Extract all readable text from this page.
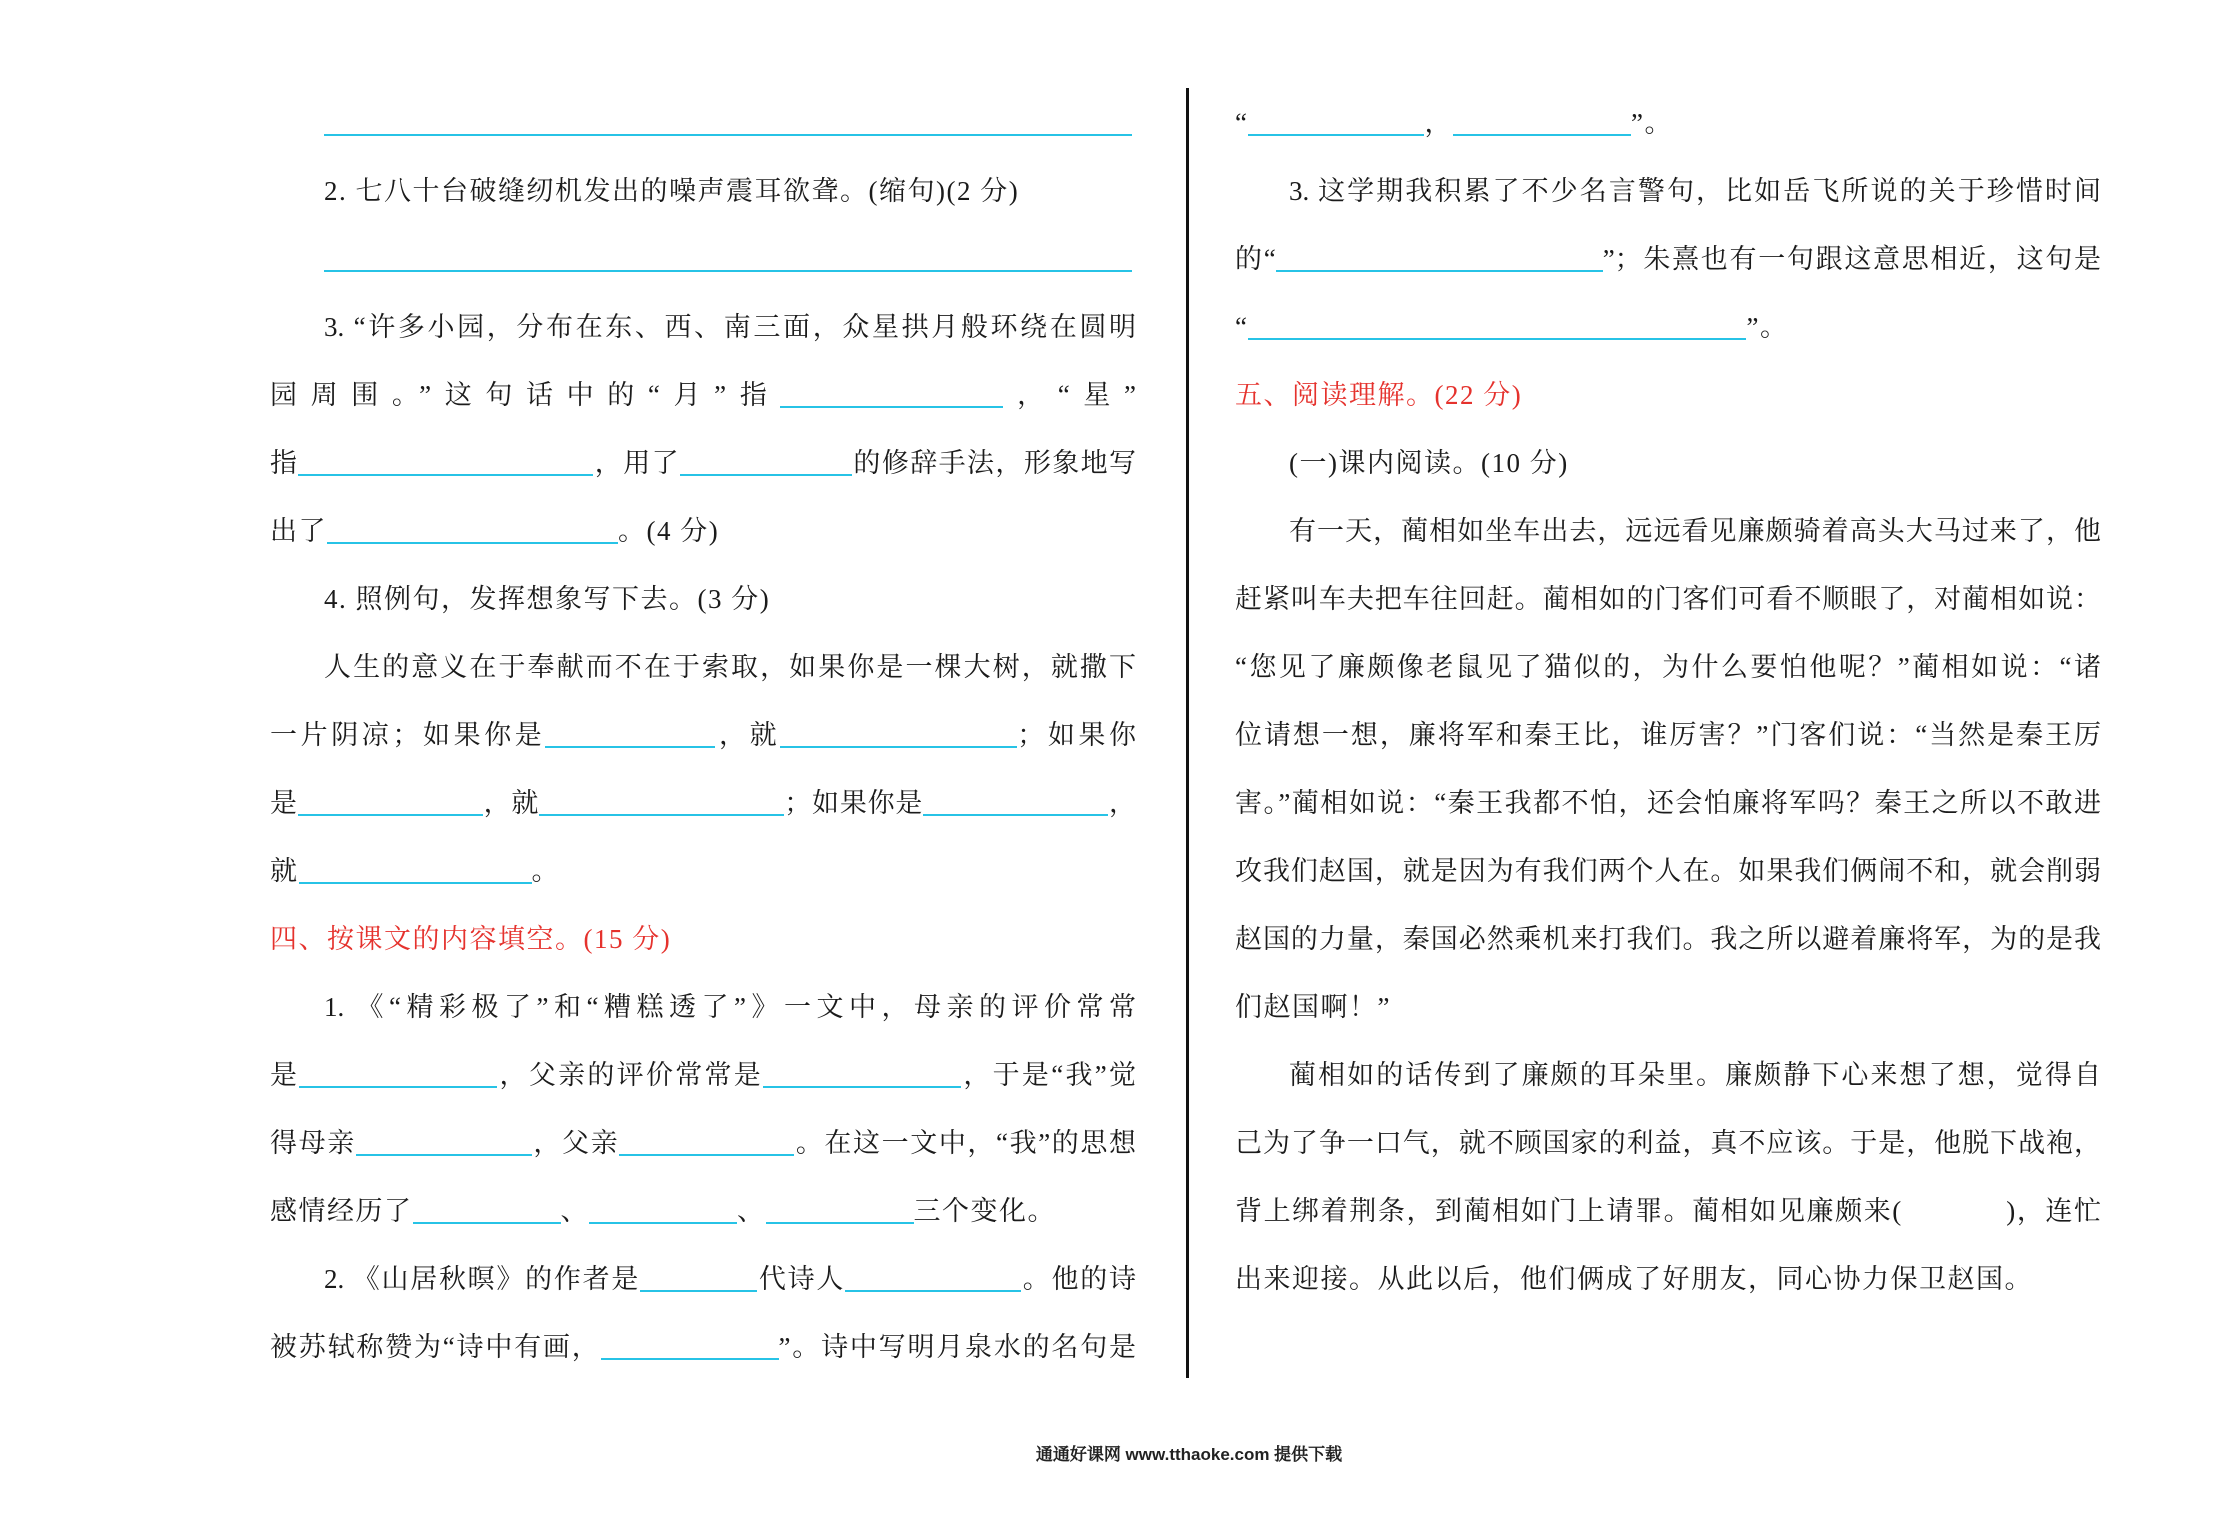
2. 七八十台破缝纫机发出的噪声震耳欲聋。(缩句)(2 分)
3. “许多小园，分布在东、西、南三面，众星拱月般环绕在圆明
园周围。”这句话中的“月”指	，“星”
指	，用了	的修辞手法，形象地写
出了	。(4 分)
4. 照例句，发挥想象写下去。(3 分)
人生的意义在于奉献而不在于索取，如果你是一棵大树，就撒下
一片阴凉；如果你是	，就	；如果你
是	，就	；如果你是	，
就	。
四、按课文的内容填空。(15 分)
1. 《“精彩极了”和“糟糕透了”》一文中，母亲的评价常常
是	，父亲的评价常常是	，于是“我”觉
得母亲	，父亲	。在这一文中，“我”的思想
感情经历了	、	、	三个变化。
2. 《山居秋暝》的作者是	代诗人	。他的诗
被苏轼称赞为“诗中有画，	”。诗中写明月泉水的名句是
“	，	”。
3. 这学期我积累了不少名言警句，比如岳飞所说的关于珍惜时间
的“	”；朱熹也有一句跟这意思相近，这句是
“	”。
五、阅读理解。(22 分)
(一)课内阅读。(10 分)
有一天，蔺相如坐车出去，远远看见廉颇骑着高头大马过来了，他
赶紧叫车夫把车往回赶。蔺相如的门客们可看不顺眼了，对蔺相如说：
“您见了廉颇像老鼠见了猫似的，为什么要怕他呢？”蔺相如说：“诸
位请想一想，廉将军和秦王比，谁厉害？”门客们说：“当然是秦王厉
害。”蔺相如说：“秦王我都不怕，还会怕廉将军吗？秦王之所以不敢进
攻我们赵国，就是因为有我们两个人在。如果我们俩闹不和，就会削弱
赵国的力量，秦国必然乘机来打我们。我之所以避着廉将军，为的是我
们赵国啊！”
蔺相如的话传到了廉颇的耳朵里。廉颇静下心来想了想，觉得自
己为了争一口气，就不顾国家的利益，真不应该。于是，他脱下战袍，
背上绑着荆条，到蔺相如门上请罪。蔺相如见廉颇来(	)，连忙
出来迎接。从此以后，他们俩成了好朋友，同心协力保卫赵国。
通通好课网 www.tthaoke.com 提供下载
